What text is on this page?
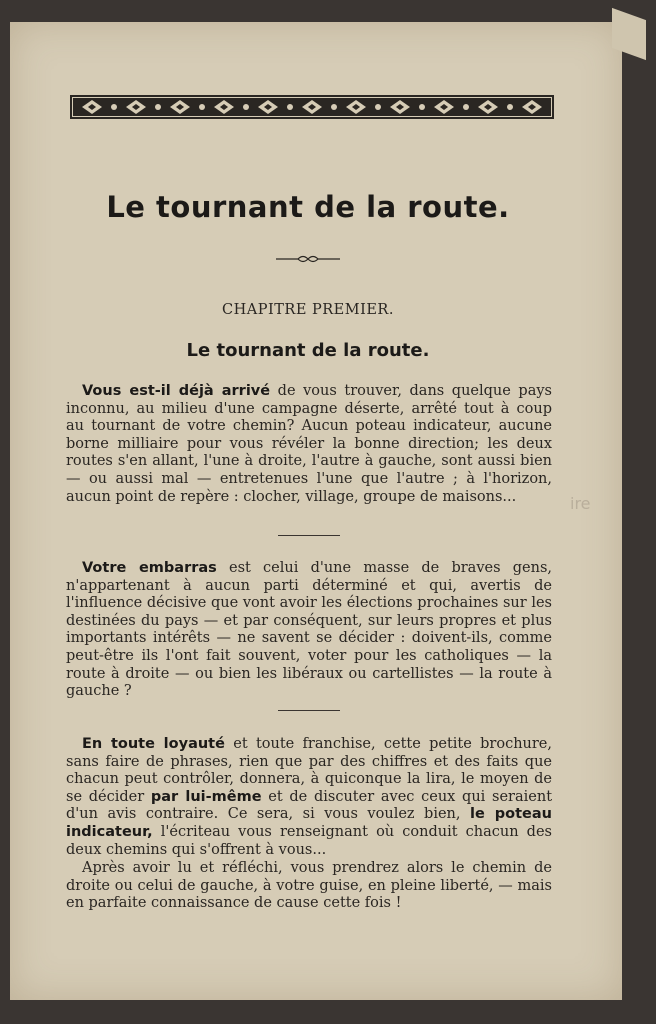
Le tournant de la route.
CHAPITRE PREMIER.
Le tournant de la route.

Vous est-il déjà arrivé de vous trouver, dans quelque pays inconnu, au milieu d'une campagne déserte, arrêté tout à coup au tournant de votre chemin? Aucun poteau indicateur, aucune borne milliaire pour vous révéler la bonne direction; les deux routes s'en allant, l'une à droite, l'autre à gauche, sont aussi bien — ou aussi mal — entretenues l'une que l'autre ; à l'horizon, aucun point de repère : clocher, village, groupe de maisons...

Votre embarras est celui d'une masse de braves gens, n'appartenant à aucun parti déterminé et qui, avertis de l'influence décisive que vont avoir les élections prochaines sur les destinées du pays — et par conséquent, sur leurs propres et plus importants intérêts — ne savent se décider : doivent-ils, comme peut-être ils l'ont fait souvent, voter pour les catholiques — la route à droite — ou bien les libéraux ou cartellistes — la route à gauche ?

En toute loyauté et toute franchise, cette petite brochure, sans faire de phrases, rien que par des chiffres et des faits que chacun peut contrôler, donnera, à quiconque la lira, le moyen de se décider par lui-même et de discuter avec ceux qui seraient d'un avis contraire. Ce sera, si vous voulez bien, le poteau indicateur, l'écriteau vous renseignant où conduit chacun des deux chemins qui s'offrent à vous...

Après avoir lu et réfléchi, vous prendrez alors le chemin de droite ou celui de gauche, à votre guise, en pleine liberté, — mais en parfaite connaissance de cause cette fois !

ire
